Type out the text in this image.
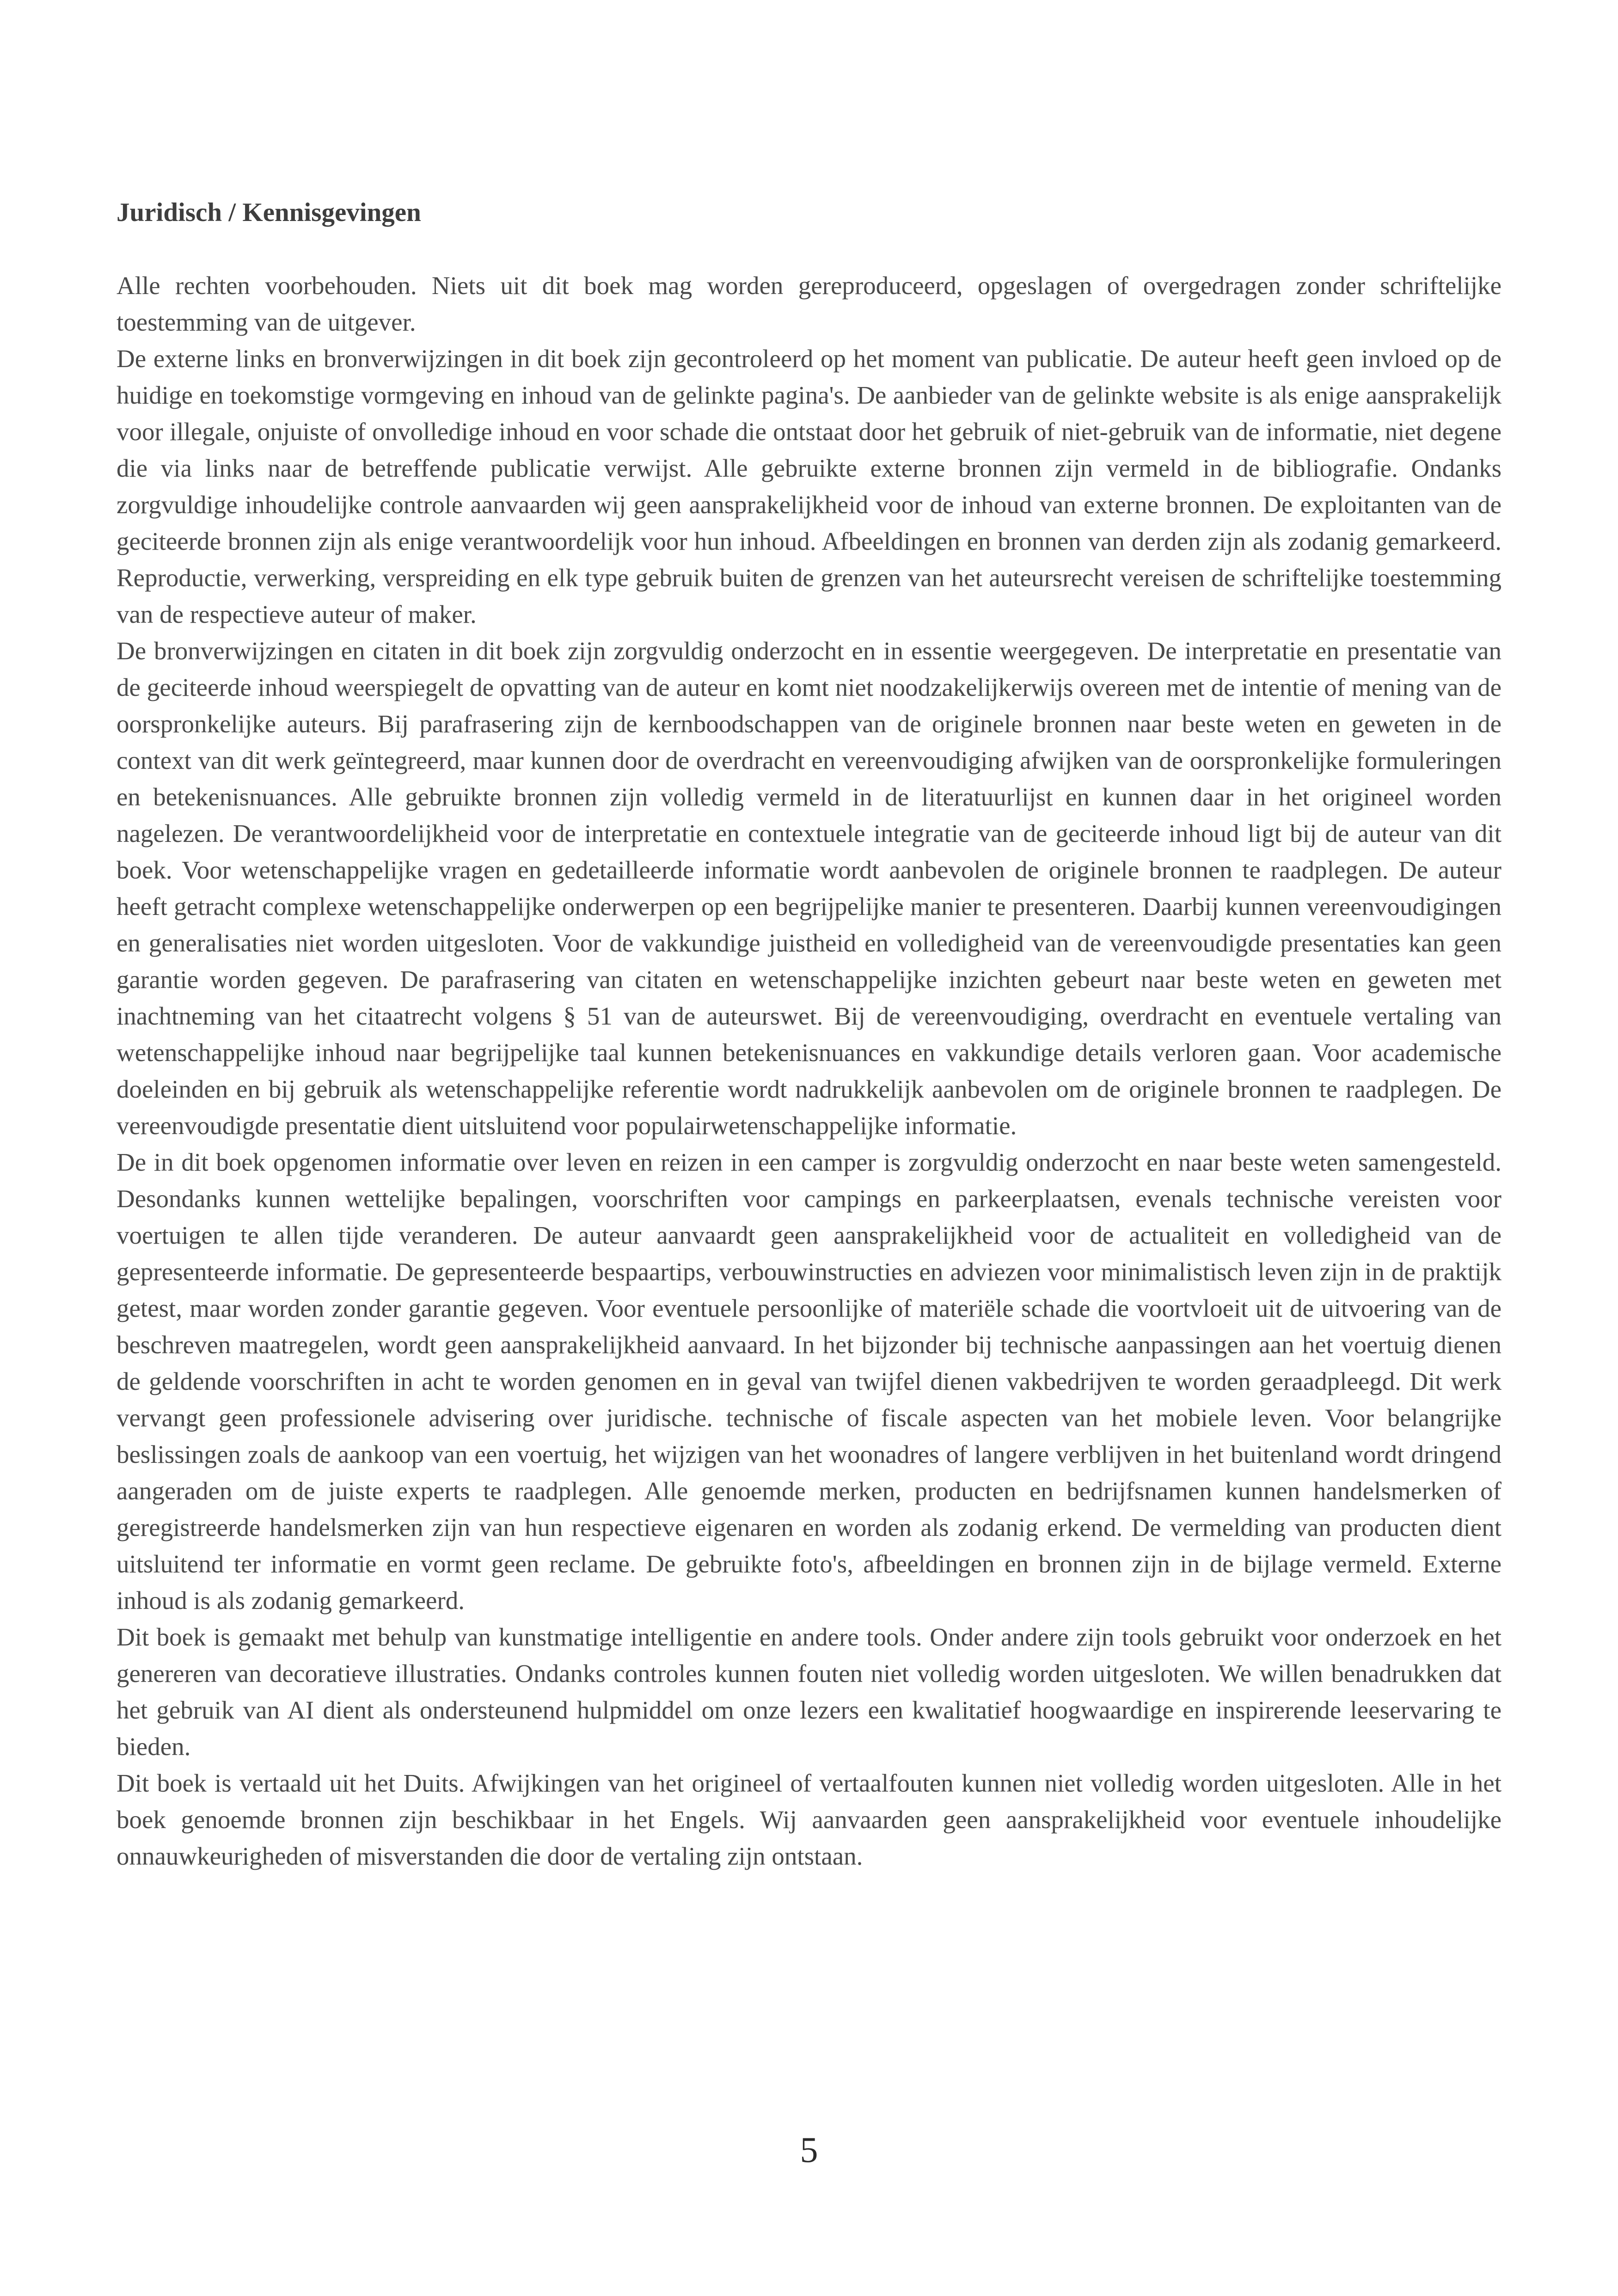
Juridisch / Kennisgevingen

Alle rechten voorbehouden. Niets uit dit boek mag worden gereproduceerd, opgeslagen of overgedragen zonder schriftelijke toestemming van de uitgever.

De externe links en bronverwijzingen in dit boek zijn gecontroleerd op het moment van publicatie. De auteur heeft geen invloed op de huidige en toekomstige vormgeving en inhoud van de gelinkte pagina's. De aanbieder van de gelinkte website is als enige aansprakelijk voor illegale, onjuiste of onvolledige inhoud en voor schade die ontstaat door het gebruik of niet-gebruik van de informatie, niet degene die via links naar de betreffende publicatie verwijst. Alle gebruikte externe bronnen zijn vermeld in de bibliografie. Ondanks zorgvuldige inhoudelijke controle aanvaarden wij geen aansprakelijkheid voor de inhoud van externe bronnen. De exploitanten van de geciteerde bronnen zijn als enige verantwoordelijk voor hun inhoud. Afbeeldingen en bronnen van derden zijn als zodanig gemarkeerd. Reproductie, verwerking, verspreiding en elk type gebruik buiten de grenzen van het auteursrecht vereisen de schriftelijke toestemming van de respectieve auteur of maker.

De bronverwijzingen en citaten in dit boek zijn zorgvuldig onderzocht en in essentie weergegeven. De interpretatie en presentatie van de geciteerde inhoud weerspiegelt de opvatting van de auteur en komt niet noodzakelijkerwijs overeen met de intentie of mening van de oorspronkelijke auteurs. Bij parafrasering zijn de kernboodschappen van de originele bronnen naar beste weten en geweten in de context van dit werk geïntegreerd, maar kunnen door de overdracht en vereenvoudiging afwijken van de oorspronkelijke formuleringen en betekenisnuances. Alle gebruikte bronnen zijn volledig vermeld in de literatuurlijst en kunnen daar in het origineel worden nagelezen. De verantwoordelijkheid voor de interpretatie en contextuele integratie van de geciteerde inhoud ligt bij de auteur van dit boek. Voor wetenschappelijke vragen en gedetailleerde informatie wordt aanbevolen de originele bronnen te raadplegen. De auteur heeft getracht complexe wetenschappelijke onderwerpen op een begrijpelijke manier te presenteren. Daarbij kunnen vereenvoudigingen en generalisaties niet worden uitgesloten. Voor de vakkundige juistheid en volledigheid van de vereenvoudigde presentaties kan geen garantie worden gegeven. De parafrasering van citaten en wetenschappelijke inzichten gebeurt naar beste weten en geweten met inachtneming van het citaatrecht volgens § 51 van de auteurswet. Bij de vereenvoudiging, overdracht en eventuele vertaling van wetenschappelijke inhoud naar begrijpelijke taal kunnen betekenisnuances en vakkundige details verloren gaan. Voor academische doeleinden en bij gebruik als wetenschappelijke referentie wordt nadrukkelijk aanbevolen om de originele bronnen te raadplegen. De vereenvoudigde presentatie dient uitsluitend voor populairwetenschappelijke informatie.

De in dit boek opgenomen informatie over leven en reizen in een camper is zorgvuldig onderzocht en naar beste weten samengesteld. Desondanks kunnen wettelijke bepalingen, voorschriften voor campings en parkeerplaatsen, evenals technische vereisten voor voertuigen te allen tijde veranderen. De auteur aanvaardt geen aansprakelijkheid voor de actualiteit en volledigheid van de gepresenteerde informatie. De gepresenteerde bespaartips, verbouwinstructies en adviezen voor minimalistisch leven zijn in de praktijk getest, maar worden zonder garantie gegeven. Voor eventuele persoonlijke of materiële schade die voortvloeit uit de uitvoering van de beschreven maatregelen, wordt geen aansprakelijkheid aanvaard. In het bijzonder bij technische aanpassingen aan het voertuig dienen de geldende voorschriften in acht te worden genomen en in geval van twijfel dienen vakbedrijven te worden geraadpleegd. Dit werk vervangt geen professionele advisering over juridische. technische of fiscale aspecten van het mobiele leven. Voor belangrijke beslissingen zoals de aankoop van een voertuig, het wijzigen van het woonadres of langere verblijven in het buitenland wordt dringend aangeraden om de juiste experts te raadplegen. Alle genoemde merken, producten en bedrijfsnamen kunnen handelsmerken of geregistreerde handelsmerken zijn van hun respectieve eigenaren en worden als zodanig erkend. De vermelding van producten dient uitsluitend ter informatie en vormt geen reclame. De gebruikte foto's, afbeeldingen en bronnen zijn in de bijlage vermeld. Externe inhoud is als zodanig gemarkeerd.

Dit boek is gemaakt met behulp van kunstmatige intelligentie en andere tools. Onder andere zijn tools gebruikt voor onderzoek en het genereren van decoratieve illustraties. Ondanks controles kunnen fouten niet volledig worden uitgesloten. We willen benadrukken dat het gebruik van AI dient als ondersteunend hulpmiddel om onze lezers een kwalitatief hoogwaardige en inspirerende leeservaring te bieden.

Dit boek is vertaald uit het Duits. Afwijkingen van het origineel of vertaalfouten kunnen niet volledig worden uitgesloten. Alle in het boek genoemde bronnen zijn beschikbaar in het Engels. Wij aanvaarden geen aansprakelijkheid voor eventuele inhoudelijke onnauwkeurigheden of misverstanden die door de vertaling zijn ontstaan.

5
